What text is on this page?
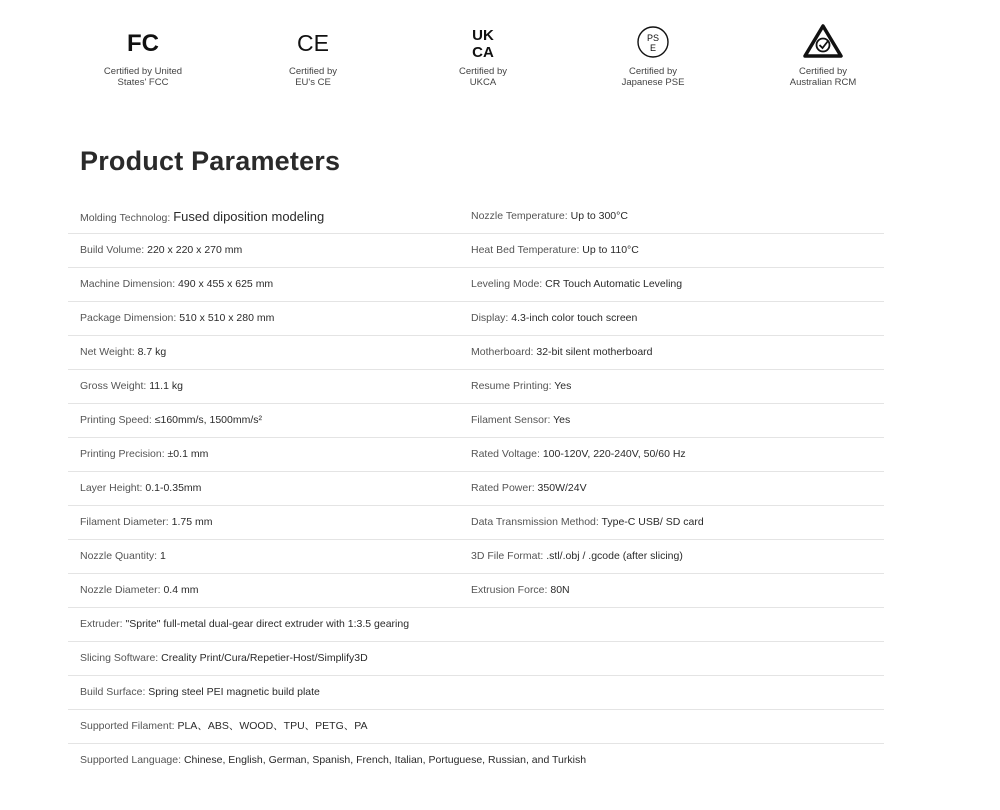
FC
Certified by United
States' FCC
CE
Certified by
EU's CE
UK
CA
Certified by
UKCA
PS
E
Certified by
Japanese PSE
Certified by
Australian RCM
Product Parameters
Molding Technolog: Fused diposition modeling	Nozzle Temperature: Up to 300°C
Build Volume: 220 x 220 x 270 mm	Heat Bed Temperature: Up to 110°C
Machine Dimension: 490 x 455 x 625 mm	Leveling Mode: CR Touch Automatic Leveling
Package Dimension: 510 x 510 x 280 mm	Display: 4.3-inch color touch screen
Net Weight: 8.7 kg	Motherboard: 32-bit silent motherboard
Gross Weight: 11.1 kg	Resume Printing: Yes
Printing Speed: ≤160mm/s, 1500mm/s²	Filament Sensor: Yes
Printing Precision: ±0.1 mm	Rated Voltage: 100-120V, 220-240V, 50/60 Hz
Layer Height: 0.1-0.35mm	Rated Power: 350W/24V
Filament Diameter: 1.75 mm	Data Transmission Method: Type-C USB/ SD card
Nozzle Quantity: 1	3D File Format: .stl/.obj / .gcode (after slicing)
Nozzle Diameter: 0.4 mm	Extrusion Force: 80N
Extruder: "Sprite" full-metal dual-gear direct extruder with 1:3.5 gearing
Slicing Software: Creality Print/Cura/Repetier-Host/Simplify3D
Build Surface: Spring steel PEI magnetic build plate
Supported Filament: PLA、ABS、WOOD、TPU、PETG、PA
Supported Language: Chinese, English, German, Spanish, French, Italian, Portuguese, Russian, and Turkish
